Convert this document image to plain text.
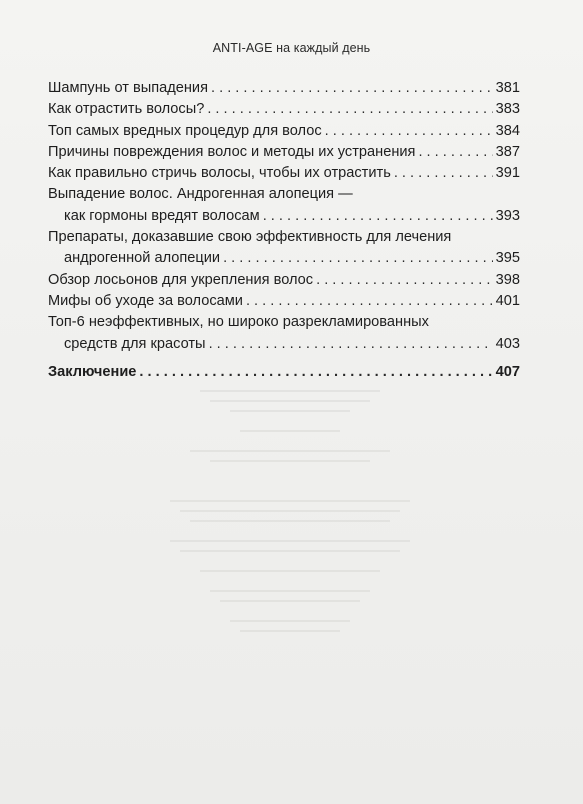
ANTI-AGE на каждый день
Шампунь от выпадения . . .	381
Как отрастить волосы? . . .	383
Топ самых вредных процедур для волос . . .	384
Причины повреждения волос и методы их устранения . . .	387
Как правильно стричь волосы, чтобы их отрастить . . .	391
Выпадение волос. Андрогенная алопеция —
как гормоны вредят волосам . . .	393
Препараты, доказавшие свою эффективность для лечения
андрогенной алопеции . . .	395
Обзор лосьонов для укрепления волос . . .	398
Мифы об уходе за волосами . . .	401
Топ-6 неэффективных, но широко разрекламированных
средств для красоты . . .	403
Заключение . . .	407
